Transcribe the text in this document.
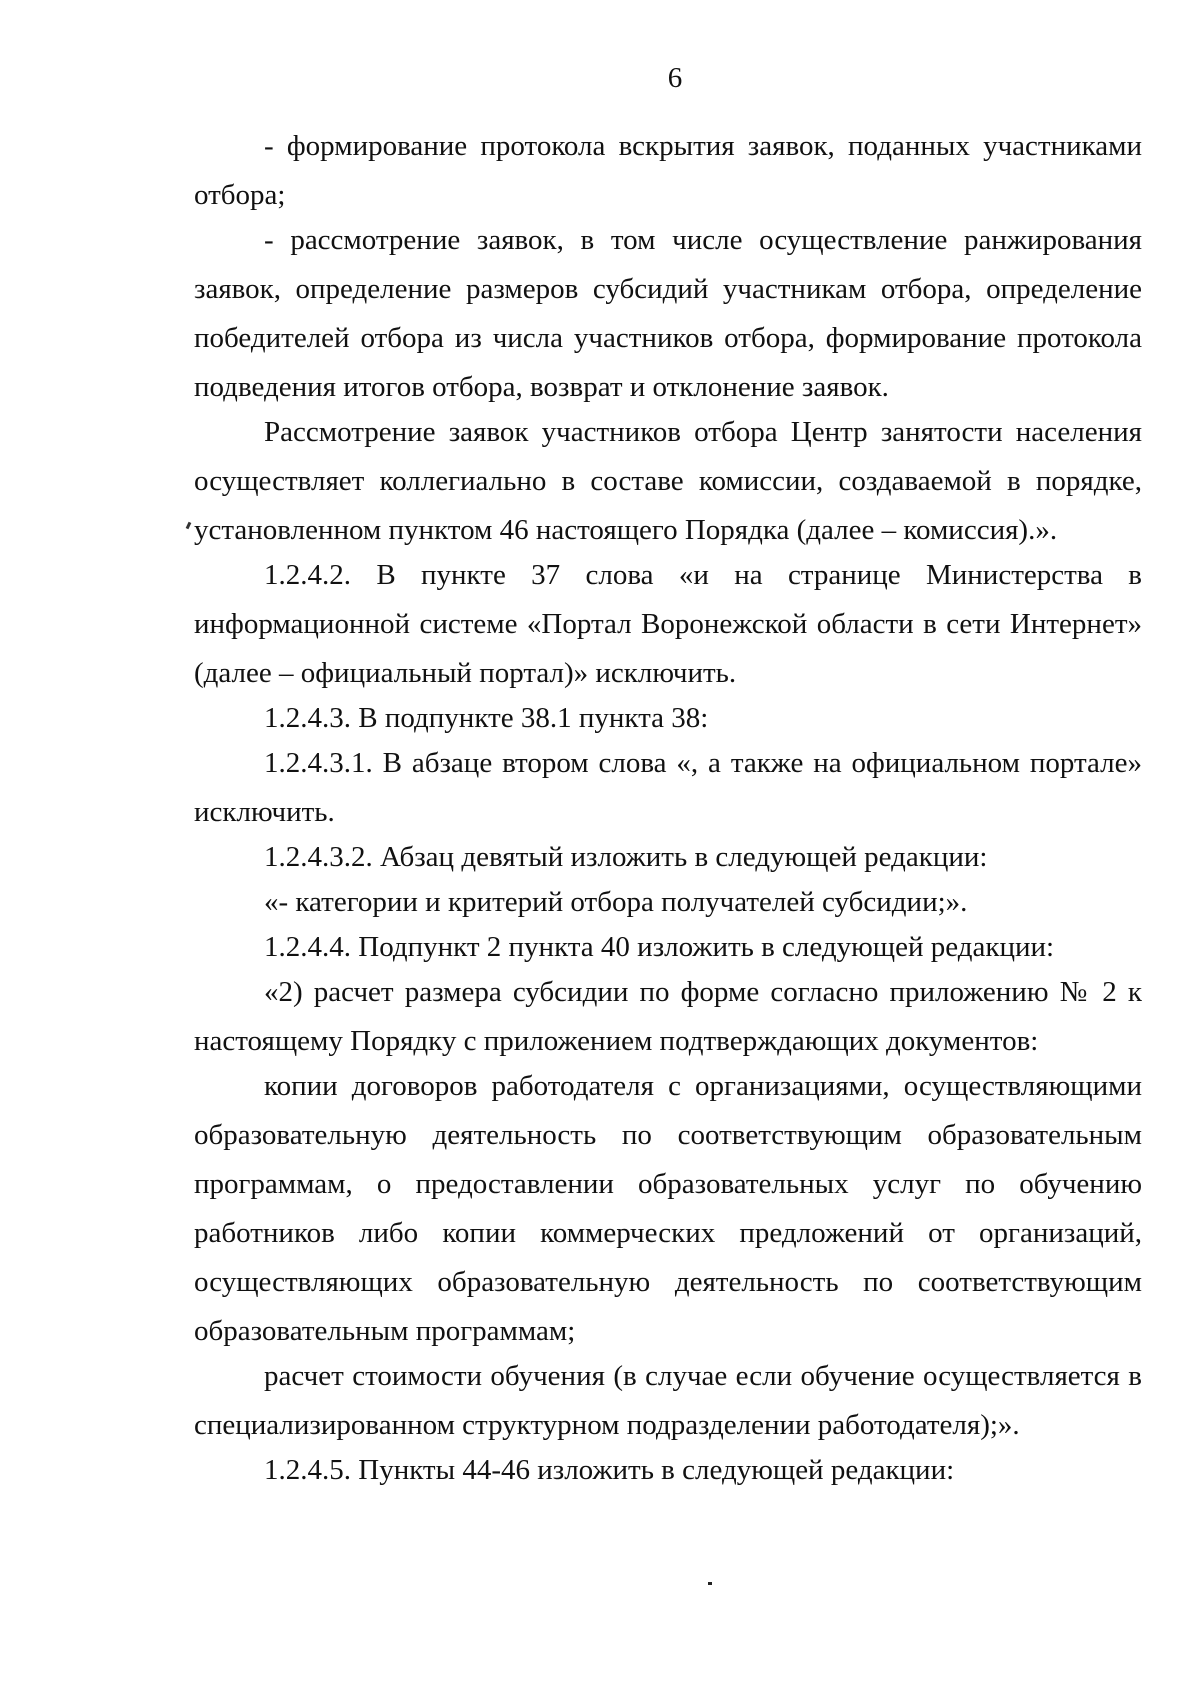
6

- формирование протокола вскрытия заявок, поданных участниками отбора;

- рассмотрение заявок, в том числе осуществление ранжирования заявок, определение размеров субсидий участникам отбора, определение победителей отбора из числа участников отбора, формирование протокола подведения итогов отбора, возврат и отклонение заявок.

Рассмотрение заявок участников отбора Центр занятости населения осуществляет коллегиально в составе комиссии, создаваемой в порядке, установленном пунктом 46 настоящего Порядка (далее – комиссия).».

1.2.4.2. В пункте 37 слова «и на странице Министерства в информационной системе «Портал Воронежской области в сети Интернет» (далее – официальный портал)» исключить.

1.2.4.3. В подпункте 38.1 пункта 38:

1.2.4.3.1. В абзаце втором слова «, а также на официальном портале» исключить.

1.2.4.3.2. Абзац девятый изложить в следующей редакции:

«- категории и критерий отбора получателей субсидии;».

1.2.4.4. Подпункт 2 пункта 40 изложить в следующей редакции:

«2) расчет размера субсидии по форме согласно приложению № 2 к настоящему Порядку с приложением подтверждающих документов:

копии договоров работодателя с организациями, осуществляющими образовательную деятельность по соответствующим образовательным программам, о предоставлении образовательных услуг по обучению работников либо копии коммерческих предложений от организаций, осуществляющих образовательную деятельность по соответствующим образовательным программам;

расчет стоимости обучения (в случае если обучение осуществляется в специализированном структурном подразделении работодателя);».

1.2.4.5. Пункты 44-46 изложить в следующей редакции:
